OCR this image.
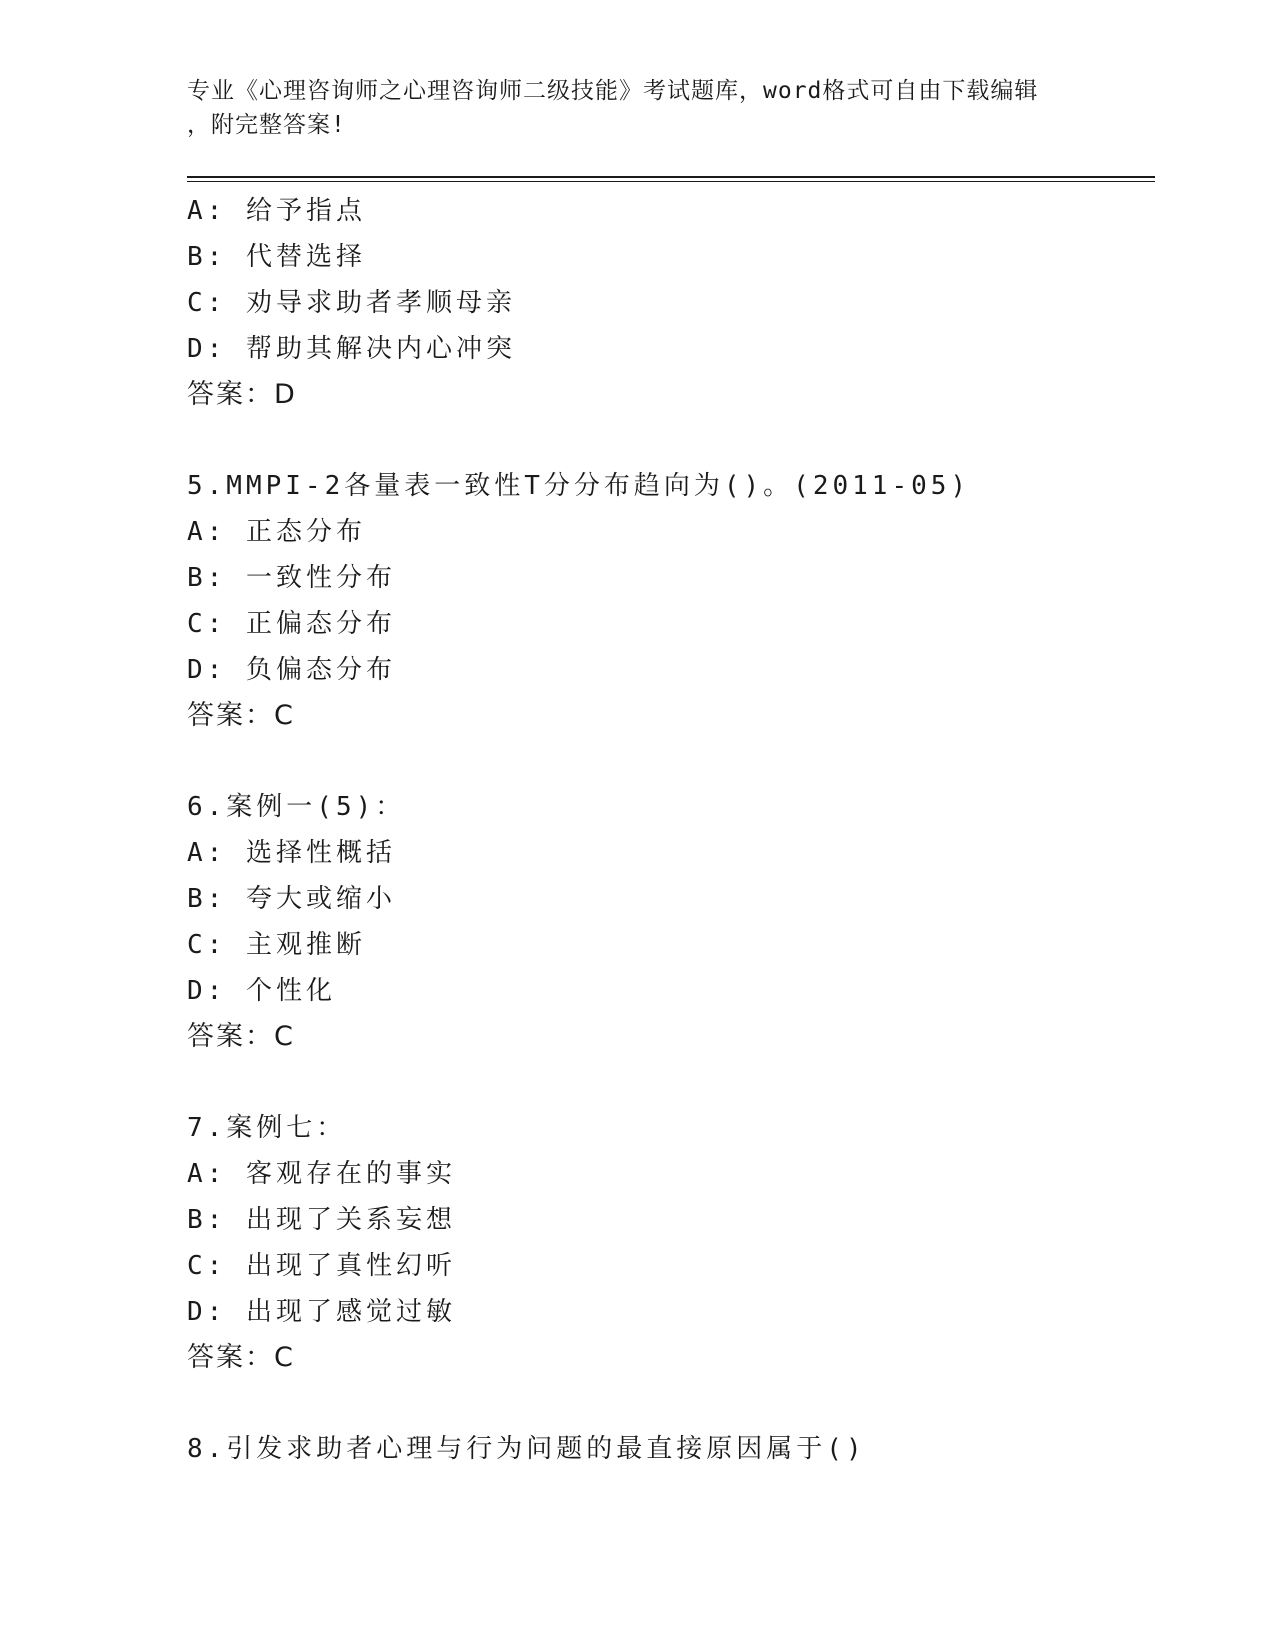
专业《心理咨询师之心理咨询师二级技能》考试题库，word格式可自由下载编辑
，附完整答案!
A: 给予指点
B: 代替选择
C: 劝导求助者孝顺母亲
D: 帮助其解决内心冲突
答案：D
5.MMPI-2各量表一致性T分分布趋向为()。(2011-05)
A: 正态分布
B: 一致性分布
C: 正偏态分布
D: 负偏态分布
答案：C
6.案例一(5)：
A: 选择性概括
B: 夸大或缩小
C: 主观推断
D: 个性化
答案：C
7.案例七：
A: 客观存在的事实
B: 出现了关系妄想
C: 出现了真性幻听
D: 出现了感觉过敏
答案：C
8.引发求助者心理与行为问题的最直接原因属于()
